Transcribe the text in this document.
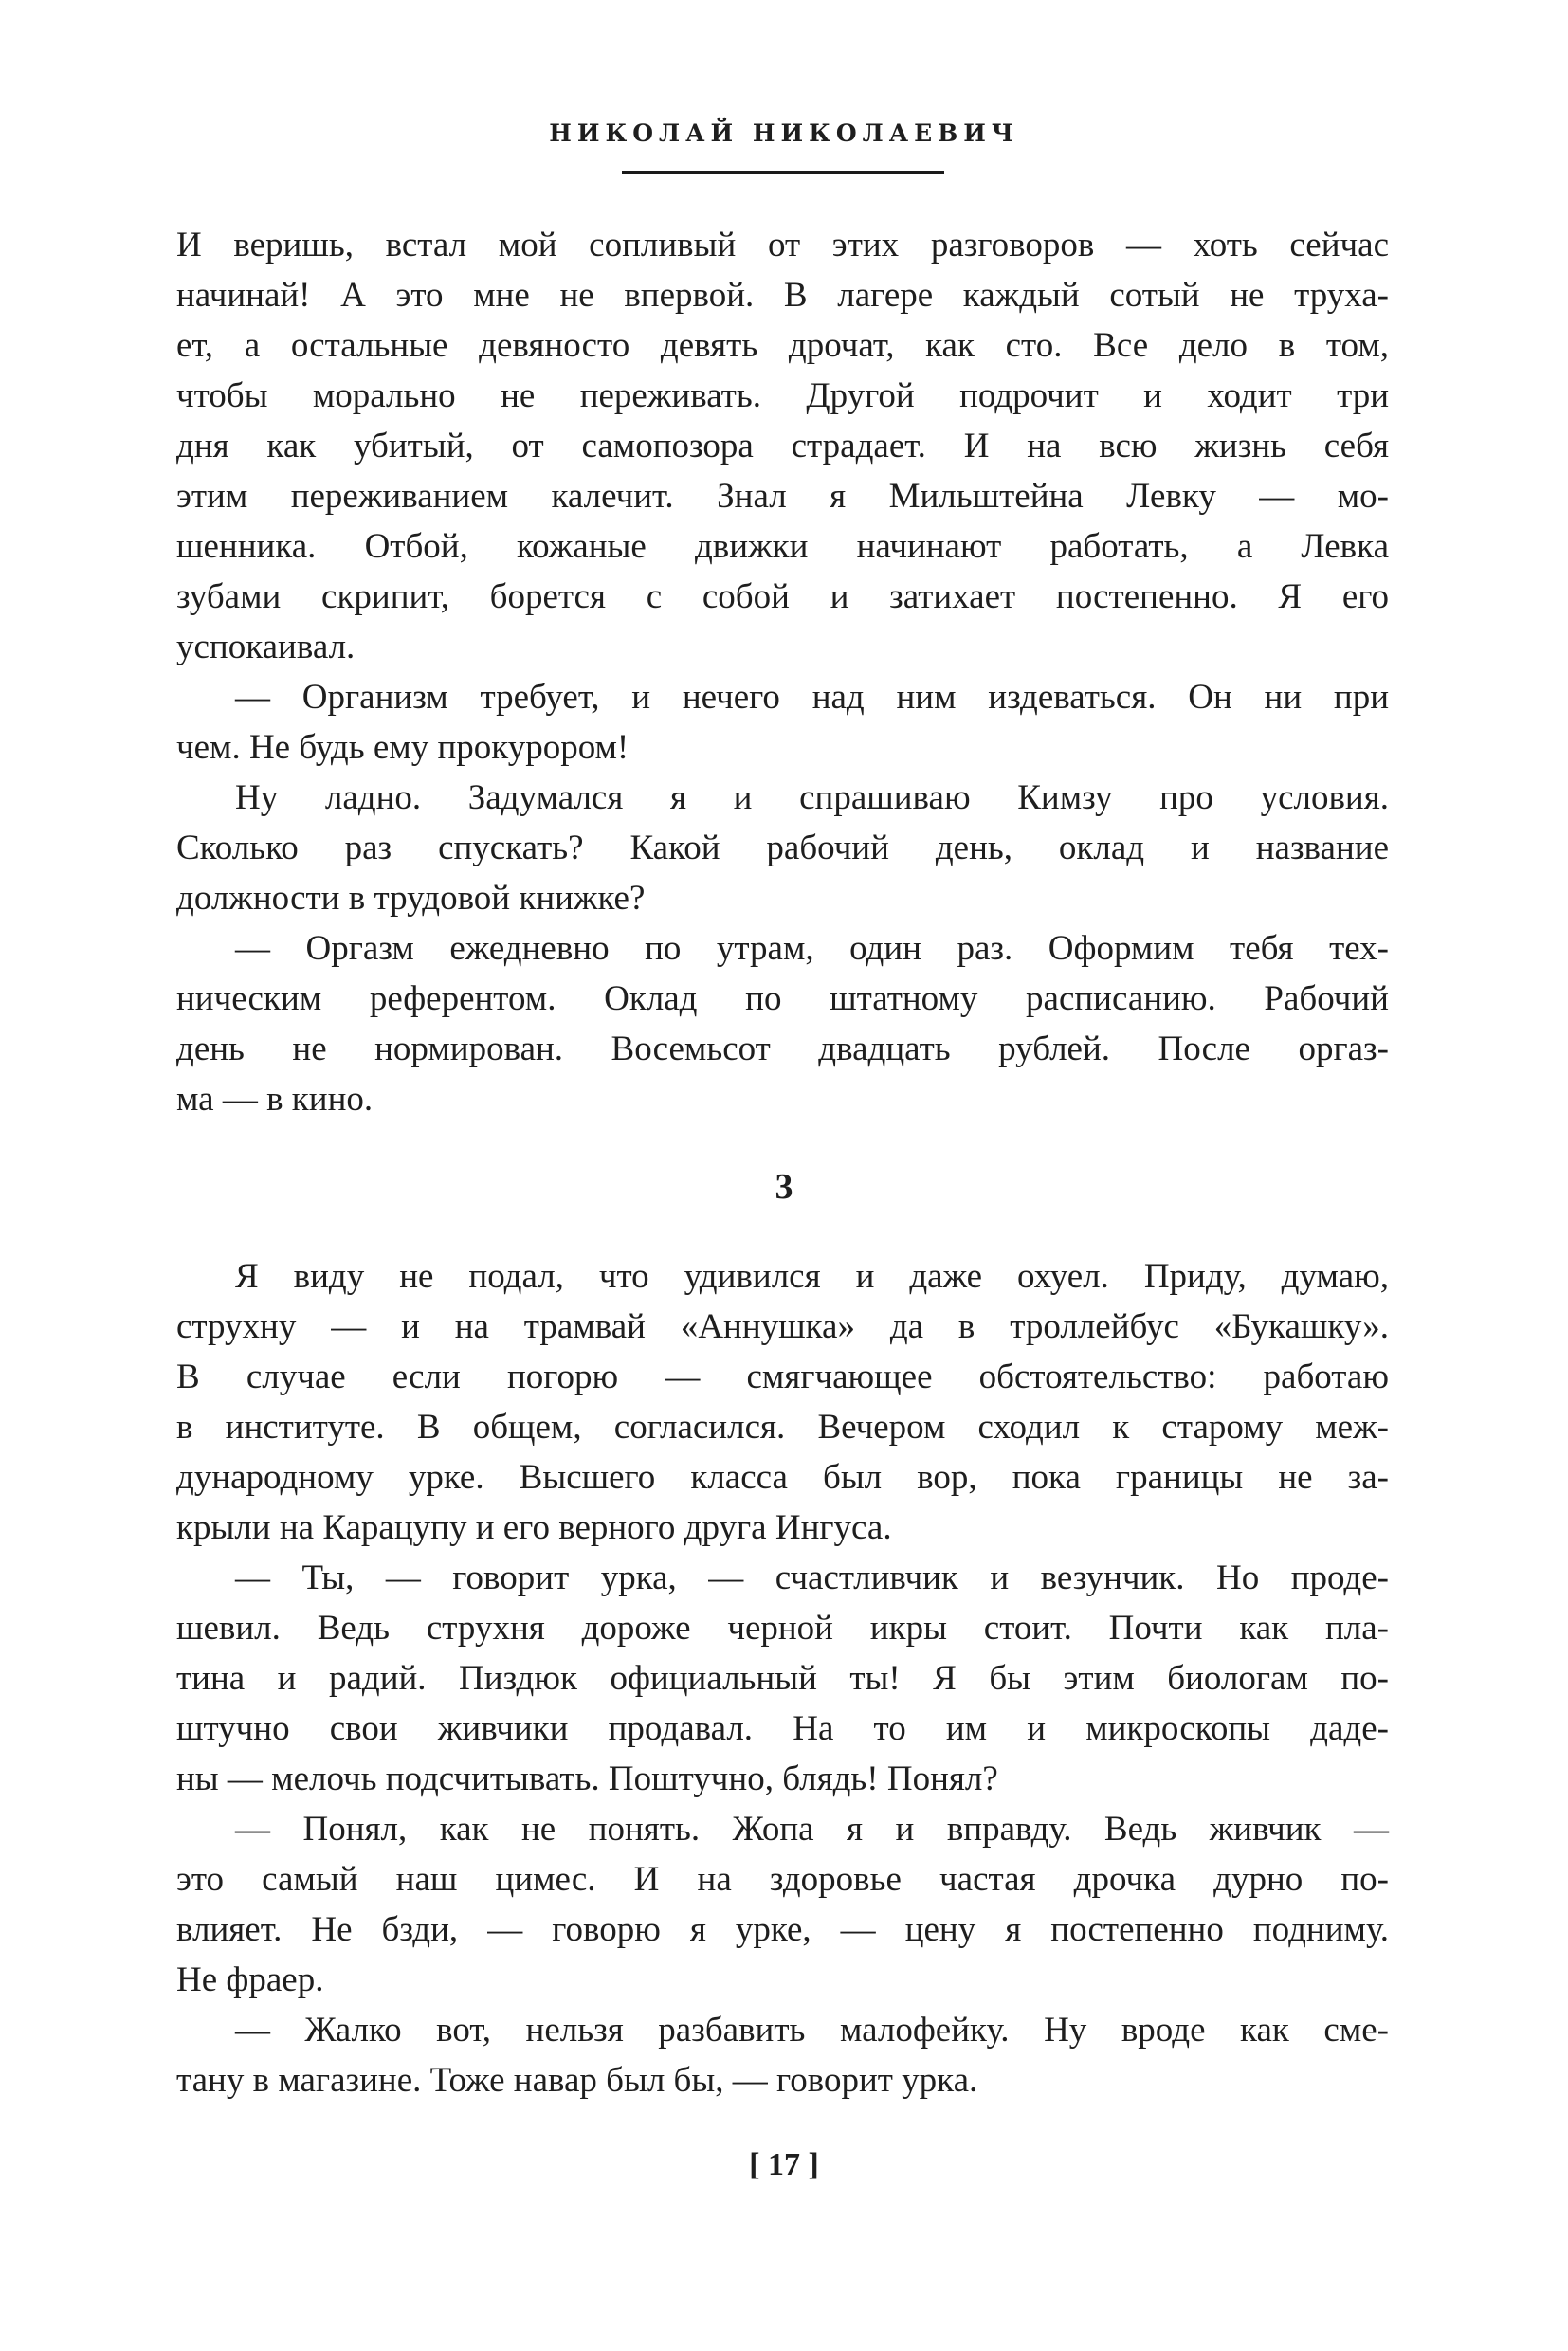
НИКОЛАЙ НИКОЛАЕВИЧ
И веришь, встал мой сопливый от этих разговоров — хоть сейчас
начинай! А это мне не впервой. В лагере каждый сотый не труха-
ет, а остальные девяносто девять дрочат, как сто. Все дело в том,
чтобы морально не переживать. Другой подрочит и ходит три
дня как убитый, от самопозора страдает. И на всю жизнь себя
этим переживанием калечит. Знал я Мильштейна Левку — мо-
шенника. Отбой, кожаные движки начинают работать, а Левка
зубами скрипит, борется с собой и затихает постепенно. Я его
успокаивал.
— Организм требует, и нечего над ним издеваться. Он ни при
чем. Не будь ему прокурором!
Ну ладно. Задумался я и спрашиваю Кимзу про условия.
Сколько раз спускать? Какой рабочий день, оклад и название
должности в трудовой книжке?
— Оргазм ежедневно по утрам, один раз. Оформим тебя тех-
ническим референтом. Оклад по штатному расписанию. Рабочий
день не нормирован. Восемьсот двадцать рублей. После оргаз-
ма — в кино.
3
Я виду не подал, что удивился и даже охуел. Приду, думаю,
струхну — и на трамвай «Аннушка» да в троллейбус «Букашку».
В случае если погорю — смягчающее обстоятельство: работаю
в институте. В общем, согласился. Вечером сходил к старому меж-
дународному урке. Высшего класса был вор, пока границы не за-
крыли на Карацупу и его верного друга Ингуса.
— Ты, — говорит урка, — счастливчик и везунчик. Но проде-
шевил. Ведь струхня дороже черной икры стоит. Почти как пла-
тина и радий. Пиздюк официальный ты! Я бы этим биологам по-
штучно свои живчики продавал. На то им и микроскопы даде-
ны — мелочь подсчитывать. Поштучно, блядь! Понял?
— Понял, как не понять. Жопа я и вправду. Ведь живчик —
это самый наш цимес. И на здоровье частая дрочка дурно по-
влияет. Не бзди, — говорю я урке, — цену я постепенно подниму.
Не фраер.
— Жалко вот, нельзя разбавить малофейку. Ну вроде как сме-
тану в магазине. Тоже навар был бы, — говорит урка.
[ 17 ]
